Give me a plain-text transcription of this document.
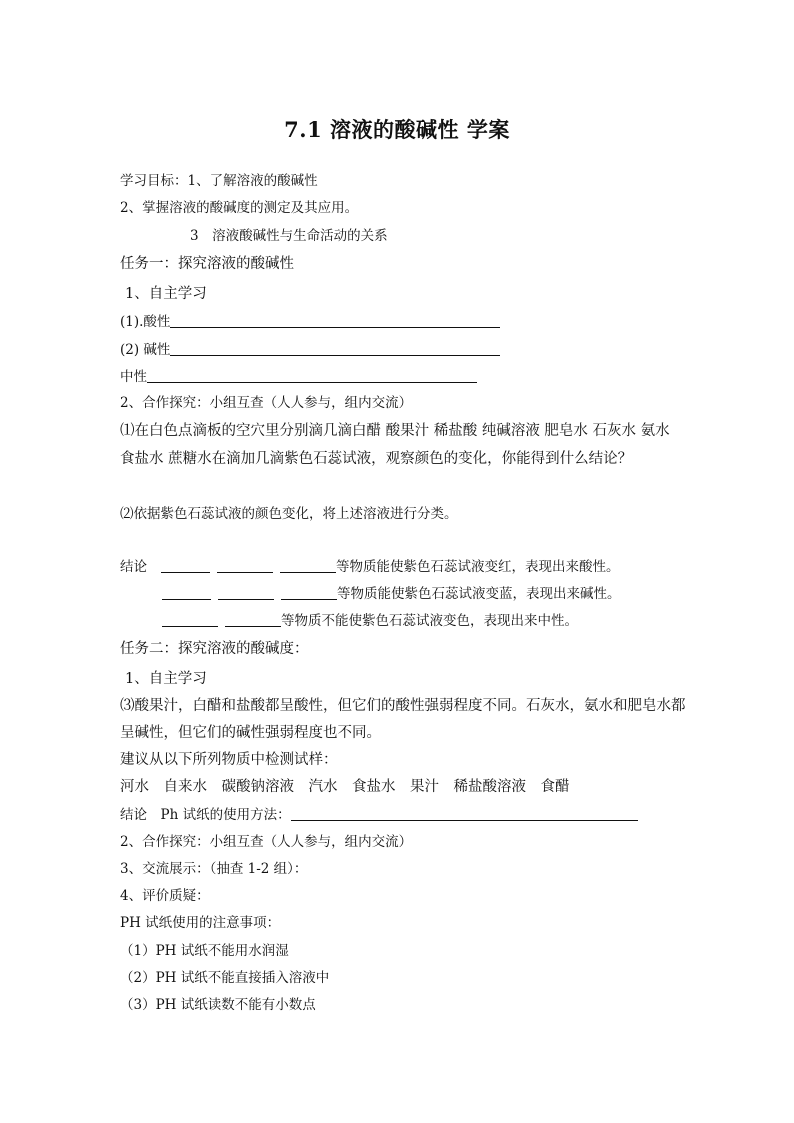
7.1 溶液的酸碱性 学案
学习目标：1、了解溶液的酸碱性
2、掌握溶液的酸碱度的测定及其应用。
3　溶液酸碱性与生命活动的关系
任务一：探究溶液的酸碱性
1、自主学习
(1).酸性
(2) 碱性
中性
2、合作探究：小组互查（人人参与，组内交流）
⑴在白色点滴板的空穴里分别滴几滴白醋 酸果汁 稀盐酸 纯碱溶液 肥皂水 石灰水 氨水
食盐水 蔗糖水在滴加几滴紫色石蕊试液，观察颜色的变化，你能得到什么结论？
⑵依据紫色石蕊试液的颜色变化，将上述溶液进行分类。
结论	等物质能使紫色石蕊试液变红，表现出来酸性。
等物质能使紫色石蕊试液变蓝，表现出来碱性。
等物质不能使紫色石蕊试液变色，表现出来中性。
任务二：探究溶液的酸碱度：
1、自主学习
⑶酸果汁，白醋和盐酸都呈酸性，但它们的酸性强弱程度不同。石灰水，氨水和肥皂水都
呈碱性，但它们的碱性强弱程度也不同。
建议从以下所列物质中检测试样：
河水　自来水　碳酸钠溶液　汽水　食盐水　果汁　稀盐酸溶液　食醋
结论　Ph 试纸的使用方法：
2、合作探究：小组互查（人人参与，组内交流）
3、交流展示：（抽查 1-2 组）：
4、评价质疑：
PH 试纸使用的注意事项：
（1）PH 试纸不能用水润湿
（2）PH 试纸不能直接插入溶液中
（3）PH 试纸读数不能有小数点
